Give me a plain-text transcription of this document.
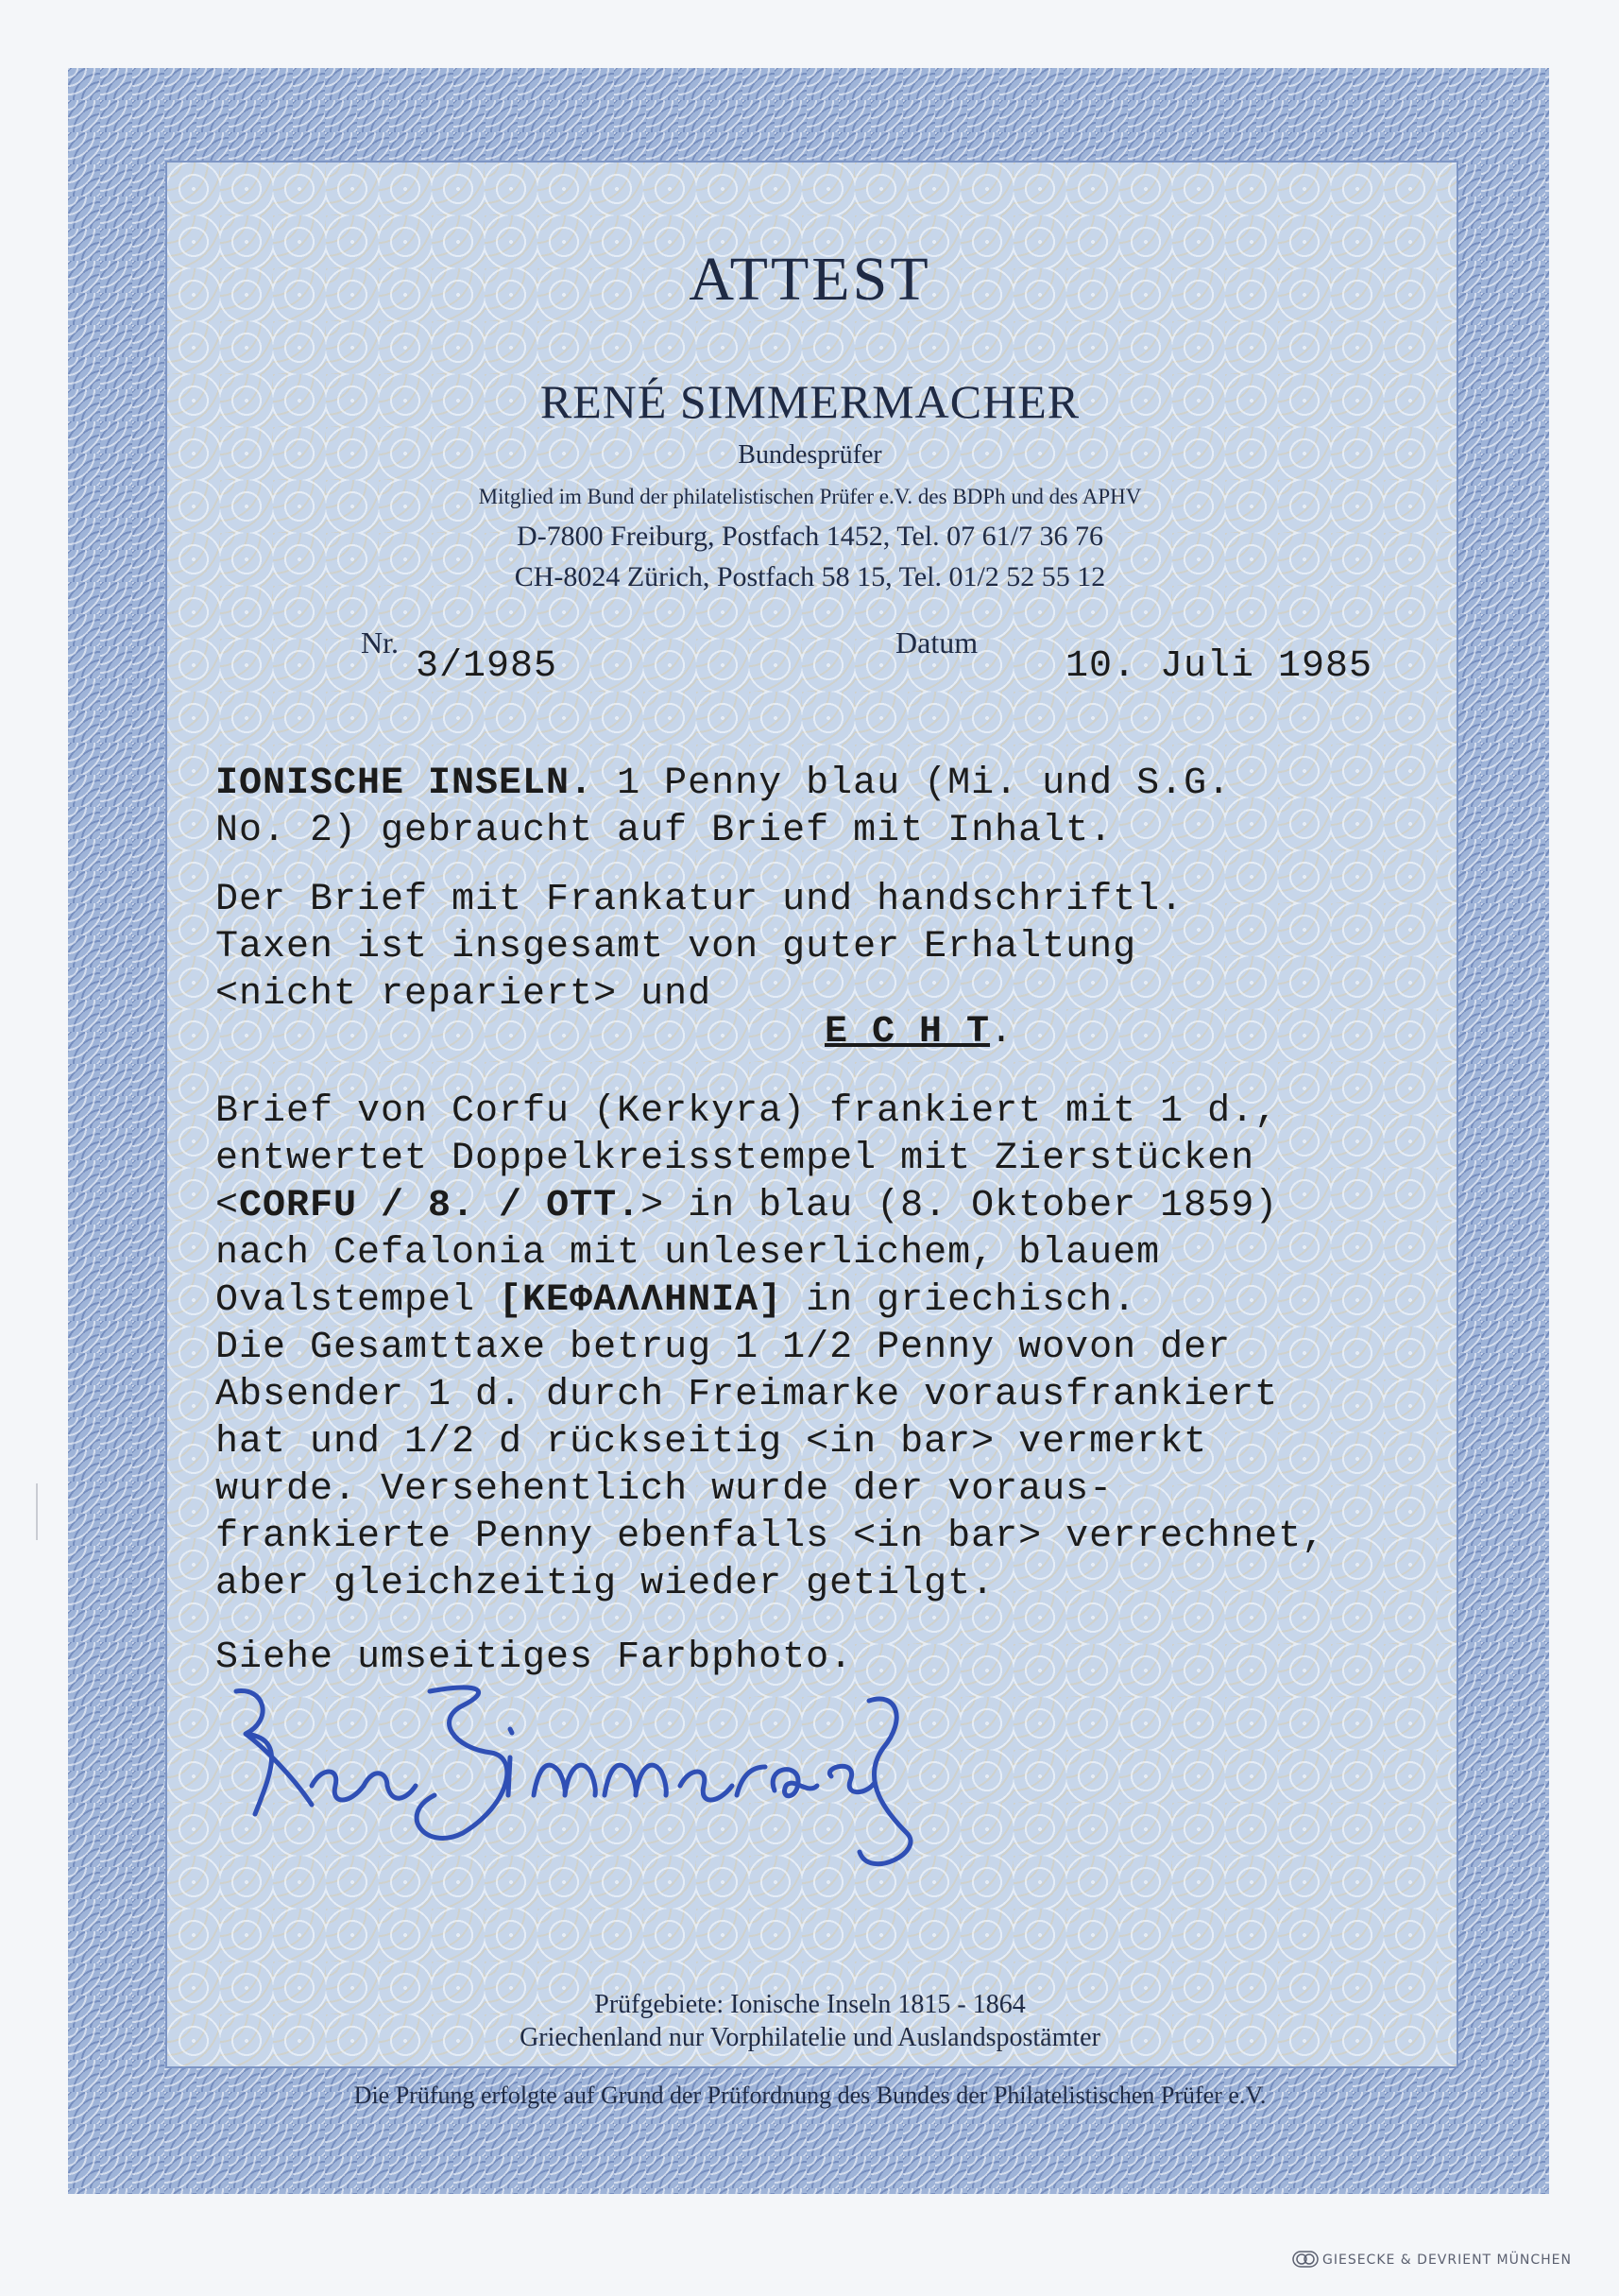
ATTEST
RENÉ SIMMERMACHER
Bundesprüfer
Mitglied im Bund der philatelistischen Prüfer e.V. des BDPh und des APHV
D-7800 Freiburg, Postfach 1452, Tel. 07 61/7 36 76
CH-8024 Zürich, Postfach 58 15, Tel. 01/2 52 55 12
Nr.
3/1985
Datum
10. Juli 1985
IONISCHE INSELN. 1 Penny blau (Mi. und S.G.
No. 2) gebraucht auf Brief mit Inhalt.
Der Brief mit Frankatur und handschriftl.
Taxen ist insgesamt von guter Erhaltung
<nicht repariert> und
E C H T.
Brief von Corfu (Kerkyra) frankiert mit 1 d.,
entwertet Doppelkreisstempel mit Zierstücken
<CORFU / 8. / OTT.> in blau (8. Oktober 1859)
nach Cefalonia mit unleserlichem, blauem
Ovalstempel [ΚΕΦΑΛΛΗΝΙΑ] in griechisch.
Die Gesamttaxe betrug 1 1/2 Penny wovon der
Absender 1 d. durch Freimarke vorausfrankiert
hat und 1/2 d rückseitig <in bar> vermerkt
wurde. Versehentlich wurde der voraus-
frankierte Penny ebenfalls <in bar> verrechnet,
aber gleichzeitig wieder getilgt.
Siehe umseitiges Farbphoto.
Prüfgebiete: Ionische Inseln 1815 - 1864
Griechenland nur Vorphilatelie und Auslandspostämter
Die Prüfung erfolgte auf Grund der Prüfordnung des Bundes der Philatelistischen Prüfer e.V.
GIESECKE & DEVRIENT MÜNCHEN
